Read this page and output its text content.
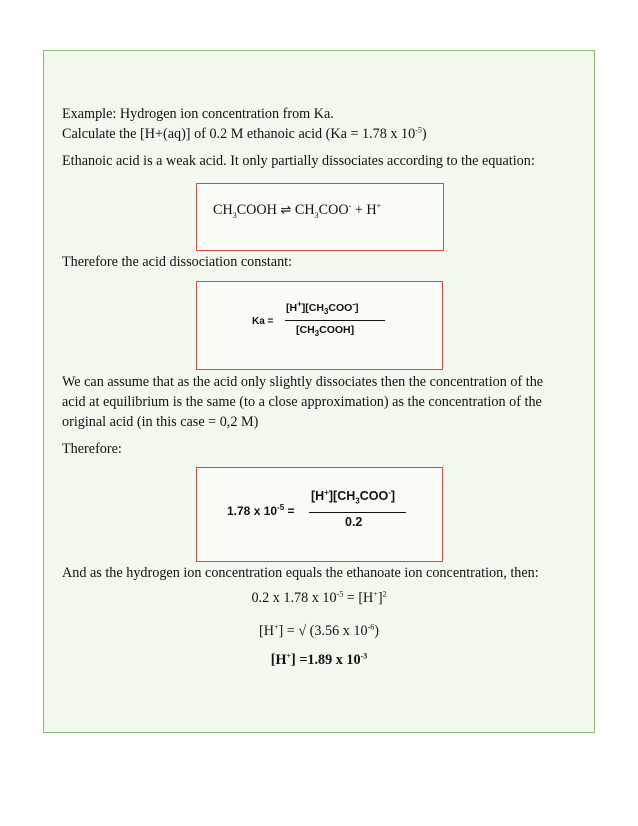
Example: Hydrogen ion concentration from Ka.
Calculate the [H+(aq)] of 0.2 M ethanoic acid (Ka = 1.78 x $10^{-5}$)
Ethanoic acid is a weak acid. It only partially dissociates according to the equation:
$CH_3COOH$ ⇌ $CH_3COO^- + H^+$
Therefore the acid dissociation constant:
Ka =
$[H^+][CH_3COO^-]$
$[CH_3COOH]$
We can assume that as the acid only slightly dissociates then the concentration of the
acid at equilibrium is the same (to a close approximation) as the concentration of the
original acid (in this case = 0,2 M)
Therefore:
1.78 x $10^{-5}$ =
$[H^+][CH_3COO^-]$
0.2
And as the hydrogen ion concentration equals the ethanoate ion concentration, then:
0.2 x 1.78 x $10^{-5} = [H^+]^2$
[H+] = √ (3.56 x $10^{-6}$)
[H+] =1.89 x $10^{-3}$
